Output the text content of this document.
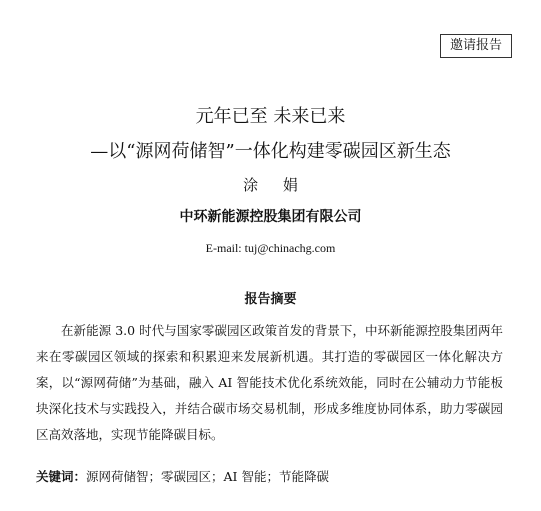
邀请报告
元年已至 未来已来
—以“源网荷储智”一体化构建零碳园区新生态
涂 娟
中环新能源控股集团有限公司
E-mail: tuj@chinachg.com
报告摘要
在新能源 3.0 时代与国家零碳园区政策首发的背景下，中环新能源控股集团两年来在零碳园区领域的探索和积累迎来发展新机遇。其打造的零碳园区一体化解决方案，以“源网荷储”为基础，融入 AI 智能技术优化系统效能，同时在公辅动力节能板块深化技术与实践投入，并结合碳市场交易机制，形成多维度协同体系，助力零碳园区高效落地，实现节能降碳目标。
关键词：源网荷储智；零碳园区；AI 智能；节能降碳
